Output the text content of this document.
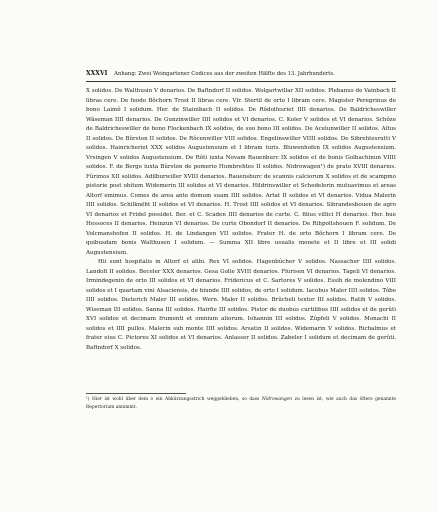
XXXVI Anhang: Zwei Weingartener Codices aus der zweiten Hälfte des 13. Jahrhunderts.

X solidos. De Walthusin V denarios. De Baftndorf II solidos. Wolgartwillar XII solidos. Plebanus de Vainbach II libras cere. De feodo Bôchorn Trost II libras cere. Vlr. Stertil de orto I libram cere. Magister Peregrinus de bono Laimô I solidum. Her. de Stainibach II solidos. De Rôdolfesriet IIII denarios. De Baldricheswiller Wâseman IIII denarios. De Gunzinwiller IIII solidos et VI denarios. C. Koler V solidos et VI denarios. Schôze de Baldricheswiller de bono Flockenbach IX solidos, de suo bono III solidos. De Acelunwiller II solidos. Altus II solidos. De Bûrston II solidos. De Rôcenwiller VIII solidos. Engelinswiller VIIII solidos. De Sibrehtesrutti V solidos. Hainricheriet XXX solidos Augustensium et I libram turis. Bluwenhofen IX solidos Augustensium. Vrsingen V solidos Augustensium. De Rôti iuxta Novam Rauenburc IX solidos et de bonis Golbachinun VIIII solidos. F. de Berge iuxta Bûrston de pomerio Humbrehtes II solidos. Nidrowagen¹) de prato XVIII denarios. Fûrimos XII solidos. Adilburwiller XVIII denarios. Rauensburc de scannis calciorum X solidos et de scampmo pistorie post obitum Widemerin III solidos et VI denarios. Hildrinswiller et Schedelerin mutuavimus et areas Altorf emimus. Comes de area ante domum suam IIII solidos. Artat II solidos et VI denarios. Vidua Malerin IIII solidos. Schilknëht II solidos et VI denarios. H. Trost IIII solidos et VI denarios. Sibrandesbouen de agro VI denarios et Fridel possidet. Ber. et C. Scaden IIII denarios de curte. C. filius villici H denarios. Her. bue Hessoces II denarios. Heinzun VI denarios. De curte Obondorf II denarios. De Rihpoltshouen F. solidum. De Volcmanshofen II solidos. H. de Lindangen VII solidos. Frater H. de orto Bôchorn I libram cere. De quibusdam bonis Walthusen I solidum. — Summa XII libre usualis monete et II libre et III solidi Augustensium.

Hii sunt hospitalis in Altorf et alibi. Rex VI solidos. Hagenbûcher V solidos. Nassacher IIII solidos. Landolt II solidos. Beceler XXX denarios. Gesa Golle XVIII denarios. Flurisen VI denarios. Tageli VI denarios. Irmindegenin de orto III solidos et VI denarios. Fridericus et C. Sartores V solidos. Essih de molendino VIII solidos et I quartam vini Alsaciensis, de biunde IIII solidos, de orto I solidum. Iacobus Maler IIII solidos. Tôbe IIII solidos. Dieterich Maler III solidos. Wern. Maler II solidos. Brûcheli textor III solidos. Ratih V solidos. Wiseman III solidos. Sanna III solidos. Hairfie III solidos. Pistor de duobus curtilibus IIII solidos et de gerûti XVI solidos et decimam frumenti et omnium aliorum. Iohannin III solidos. Zûpfeli V solidos. Monachi II solidos et IIII pullos. Malerin sub monte IIII solidos. Arsatin II solidos. Widemarin V solidos. Richalmus et frater eius C. Pictores XI solidos et VI denarios. Anlasser II solidos. Zabeler I solidum et decimam de gerûti. Baftndorf X solidos.

¹) Hier ist wohl über dem o ein Abkürzungsstrich weggeblieben, so dass Nidrowangen zu lesen ist, wie auch das öfters genannte Repertorium annimmt.
